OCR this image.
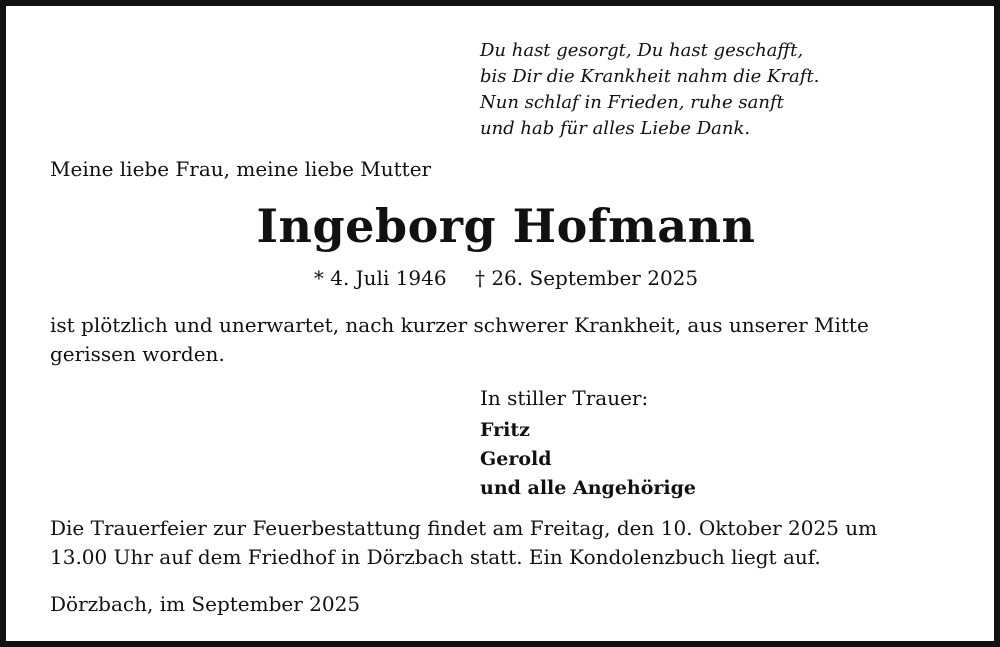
Du hast gesorgt, Du hast geschafft,
bis Dir die Krankheit nahm die Kraft.
Nun schlaf in Frieden, ruhe sanft
und hab für alles Liebe Dank.
Meine liebe Frau, meine liebe Mutter
Ingeborg Hofmann
* 4. Juli 1946 † 26. September 2025
ist plötzlich und unerwartet, nach kurzer schwerer Krankheit, aus unserer Mitte
gerissen worden.
In stiller Trauer:
Fritz
Gerold
und alle Angehörige
Die Trauerfeier zur Feuerbestattung findet am Freitag, den 10. Oktober 2025 um
13.00 Uhr auf dem Friedhof in Dörzbach statt. Ein Kondolenzbuch liegt auf.
Dörzbach, im September 2025
